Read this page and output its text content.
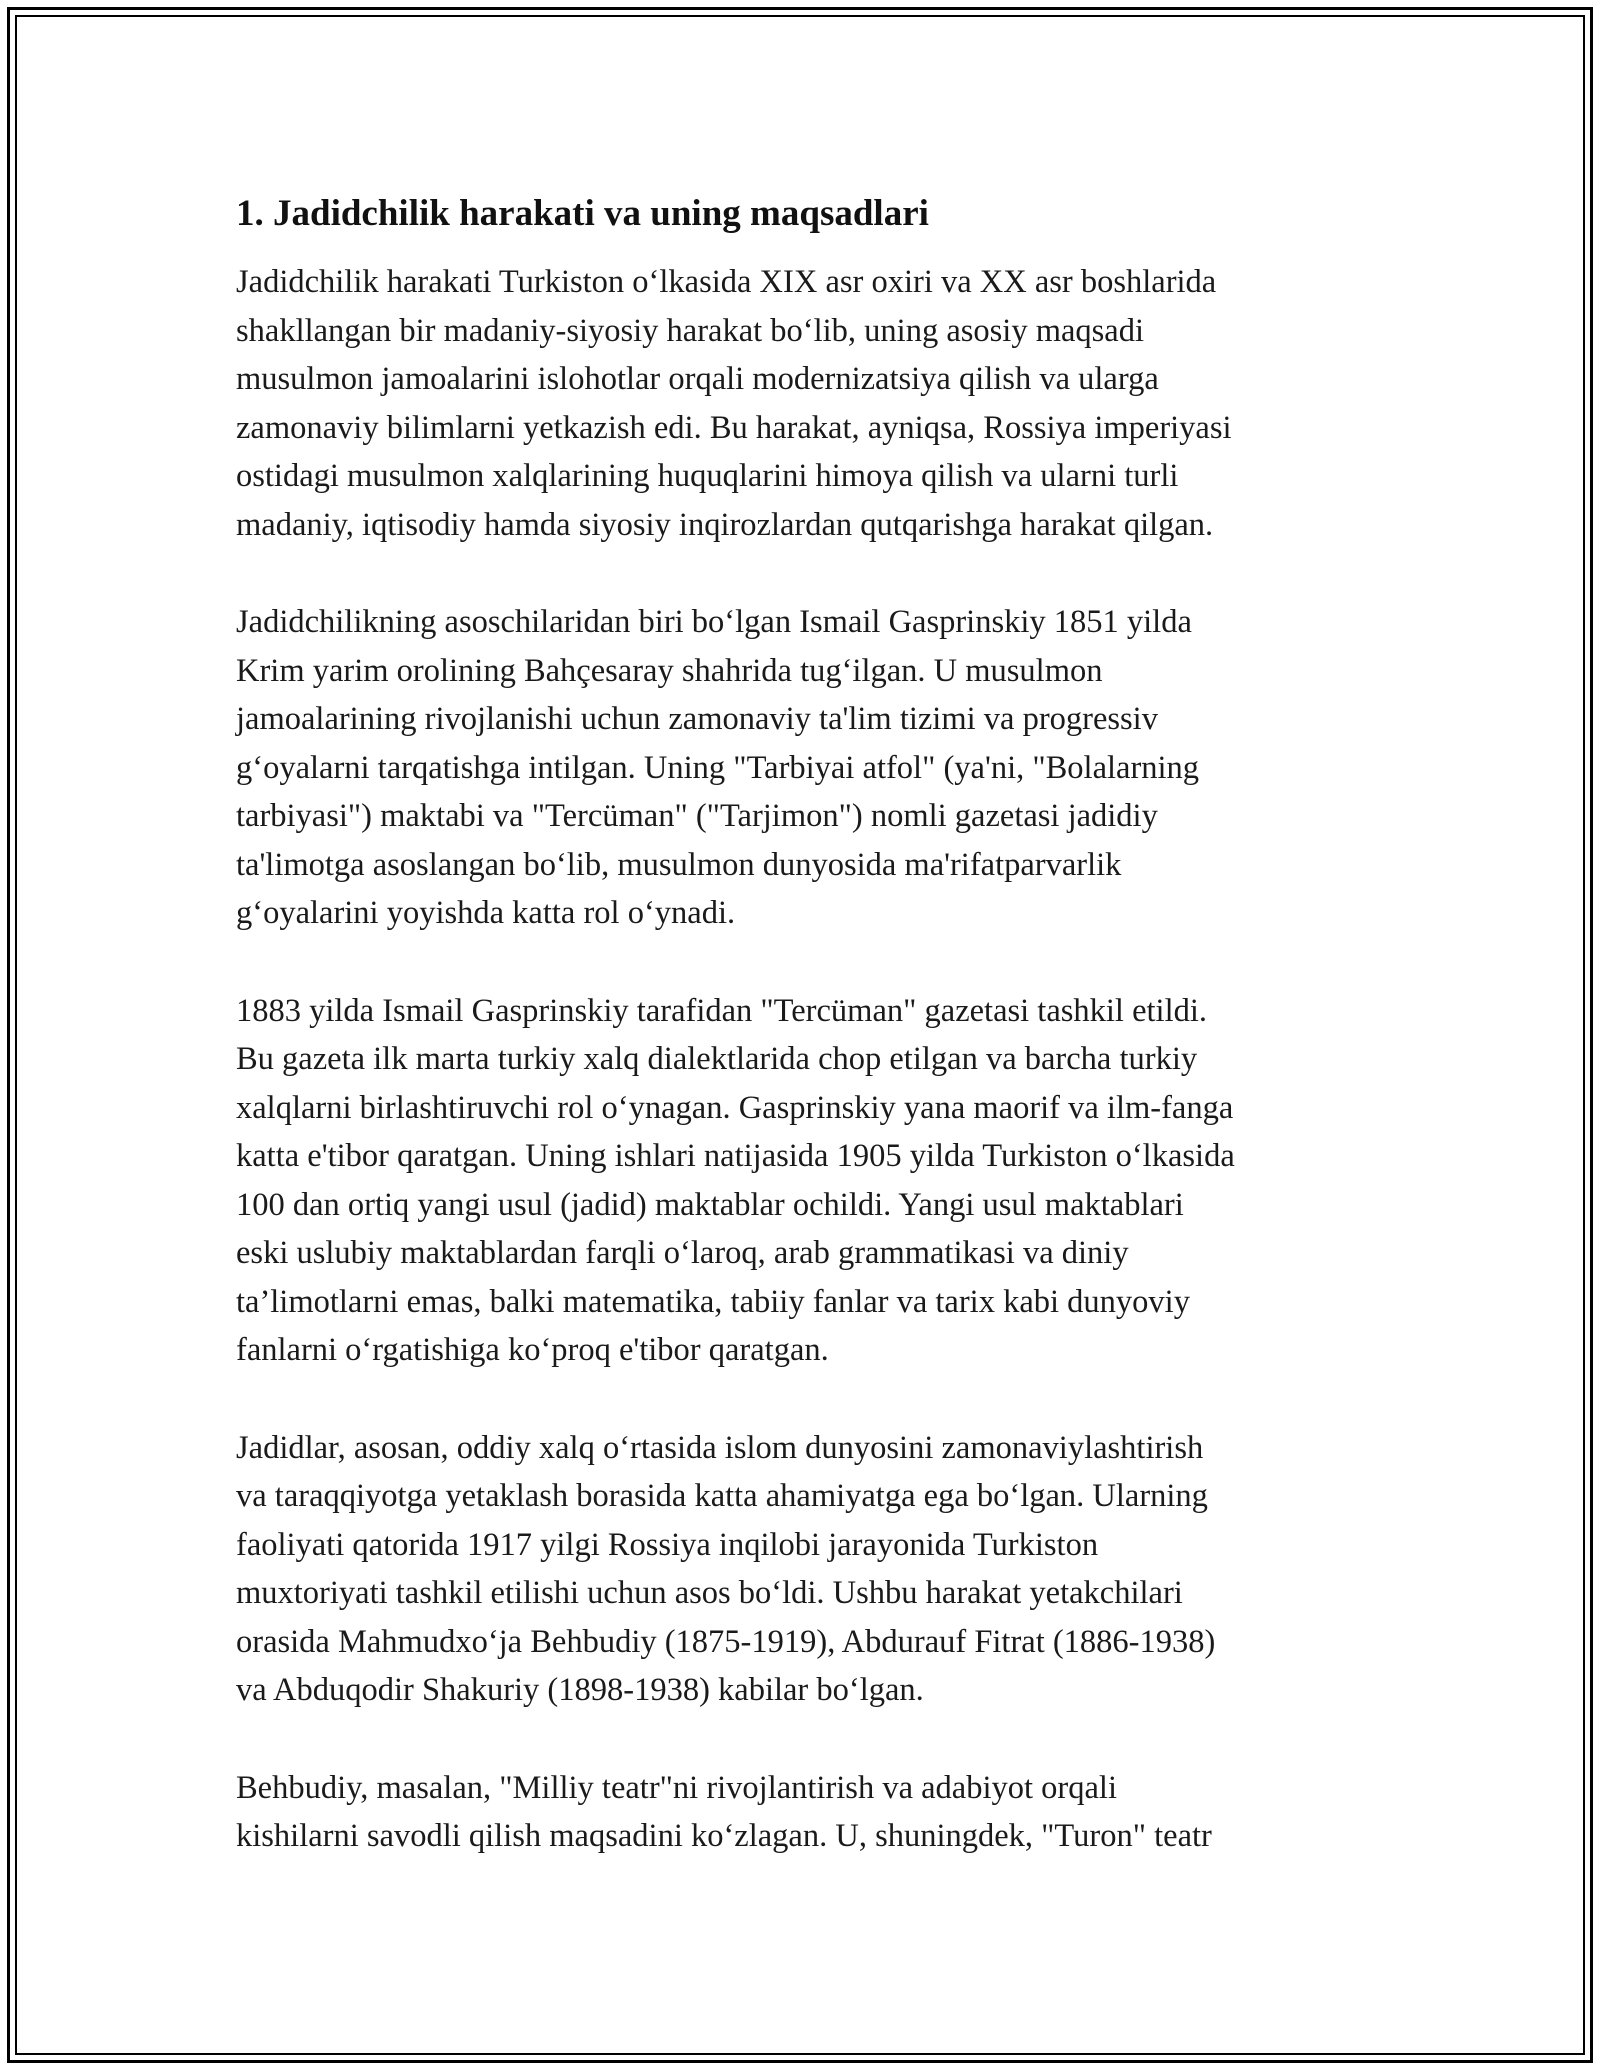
1. Jadidchilik harakati va uning maqsadlari

Jadidchilik harakati Turkiston o‘lkasida XIX asr oxiri va XX asr boshlarida
shakllangan bir madaniy-siyosiy harakat bo‘lib, uning asosiy maqsadi
musulmon jamoalarini islohotlar orqali modernizatsiya qilish va ularga
zamonaviy bilimlarni yetkazish edi. Bu harakat, ayniqsa, Rossiya imperiyasi
ostidagi musulmon xalqlarining huquqlarini himoya qilish va ularni turli
madaniy, iqtisodiy hamda siyosiy inqirozlardan qutqarishga harakat qilgan.

Jadidchilikning asoschilaridan biri bo‘lgan Ismail Gasprinskiy 1851 yilda
Krim yarim orolining Bahçesaray shahrida tug‘ilgan. U musulmon
jamoalarining rivojlanishi uchun zamonaviy ta'lim tizimi va progressiv
g‘oyalarni tarqatishga intilgan. Uning "Tarbiyai atfol" (ya'ni, "Bolalarning
tarbiyasi") maktabi va "Tercüman" ("Tarjimon") nomli gazetasi jadidiy
ta'limotga asoslangan bo‘lib, musulmon dunyosida ma'rifatparvarlik
g‘oyalarini yoyishda katta rol o‘ynadi.

1883 yilda Ismail Gasprinskiy tarafidan "Tercüman" gazetasi tashkil etildi.
Bu gazeta ilk marta turkiy xalq dialektlarida chop etilgan va barcha turkiy
xalqlarni birlashtiruvchi rol o‘ynagan. Gasprinskiy yana maorif va ilm-fanga
katta e'tibor qaratgan. Uning ishlari natijasida 1905 yilda Turkiston o‘lkasida
100 dan ortiq yangi usul (jadid) maktablar ochildi. Yangi usul maktablari
eski uslubiy maktablardan farqli o‘laroq, arab grammatikasi va diniy
ta’limotlarni emas, balki matematika, tabiiy fanlar va tarix kabi dunyoviy
fanlarni o‘rgatishiga ko‘proq e'tibor qaratgan.

Jadidlar, asosan, oddiy xalq o‘rtasida islom dunyosini zamonaviylashtirish
va taraqqiyotga yetaklash borasida katta ahamiyatga ega bo‘lgan. Ularning
faoliyati qatorida 1917 yilgi Rossiya inqilobi jarayonida Turkiston
muxtoriyati tashkil etilishi uchun asos bo‘ldi. Ushbu harakat yetakchilari
orasida Mahmudxo‘ja Behbudiy (1875-1919), Abdurauf Fitrat (1886-1938)
va Abduqodir Shakuriy (1898-1938) kabilar bo‘lgan.

Behbudiy, masalan, "Milliy teatr"ni rivojlantirish va adabiyot orqali
kishilarni savodli qilish maqsadini ko‘zlagan. U, shuningdek, "Turon" teatr
